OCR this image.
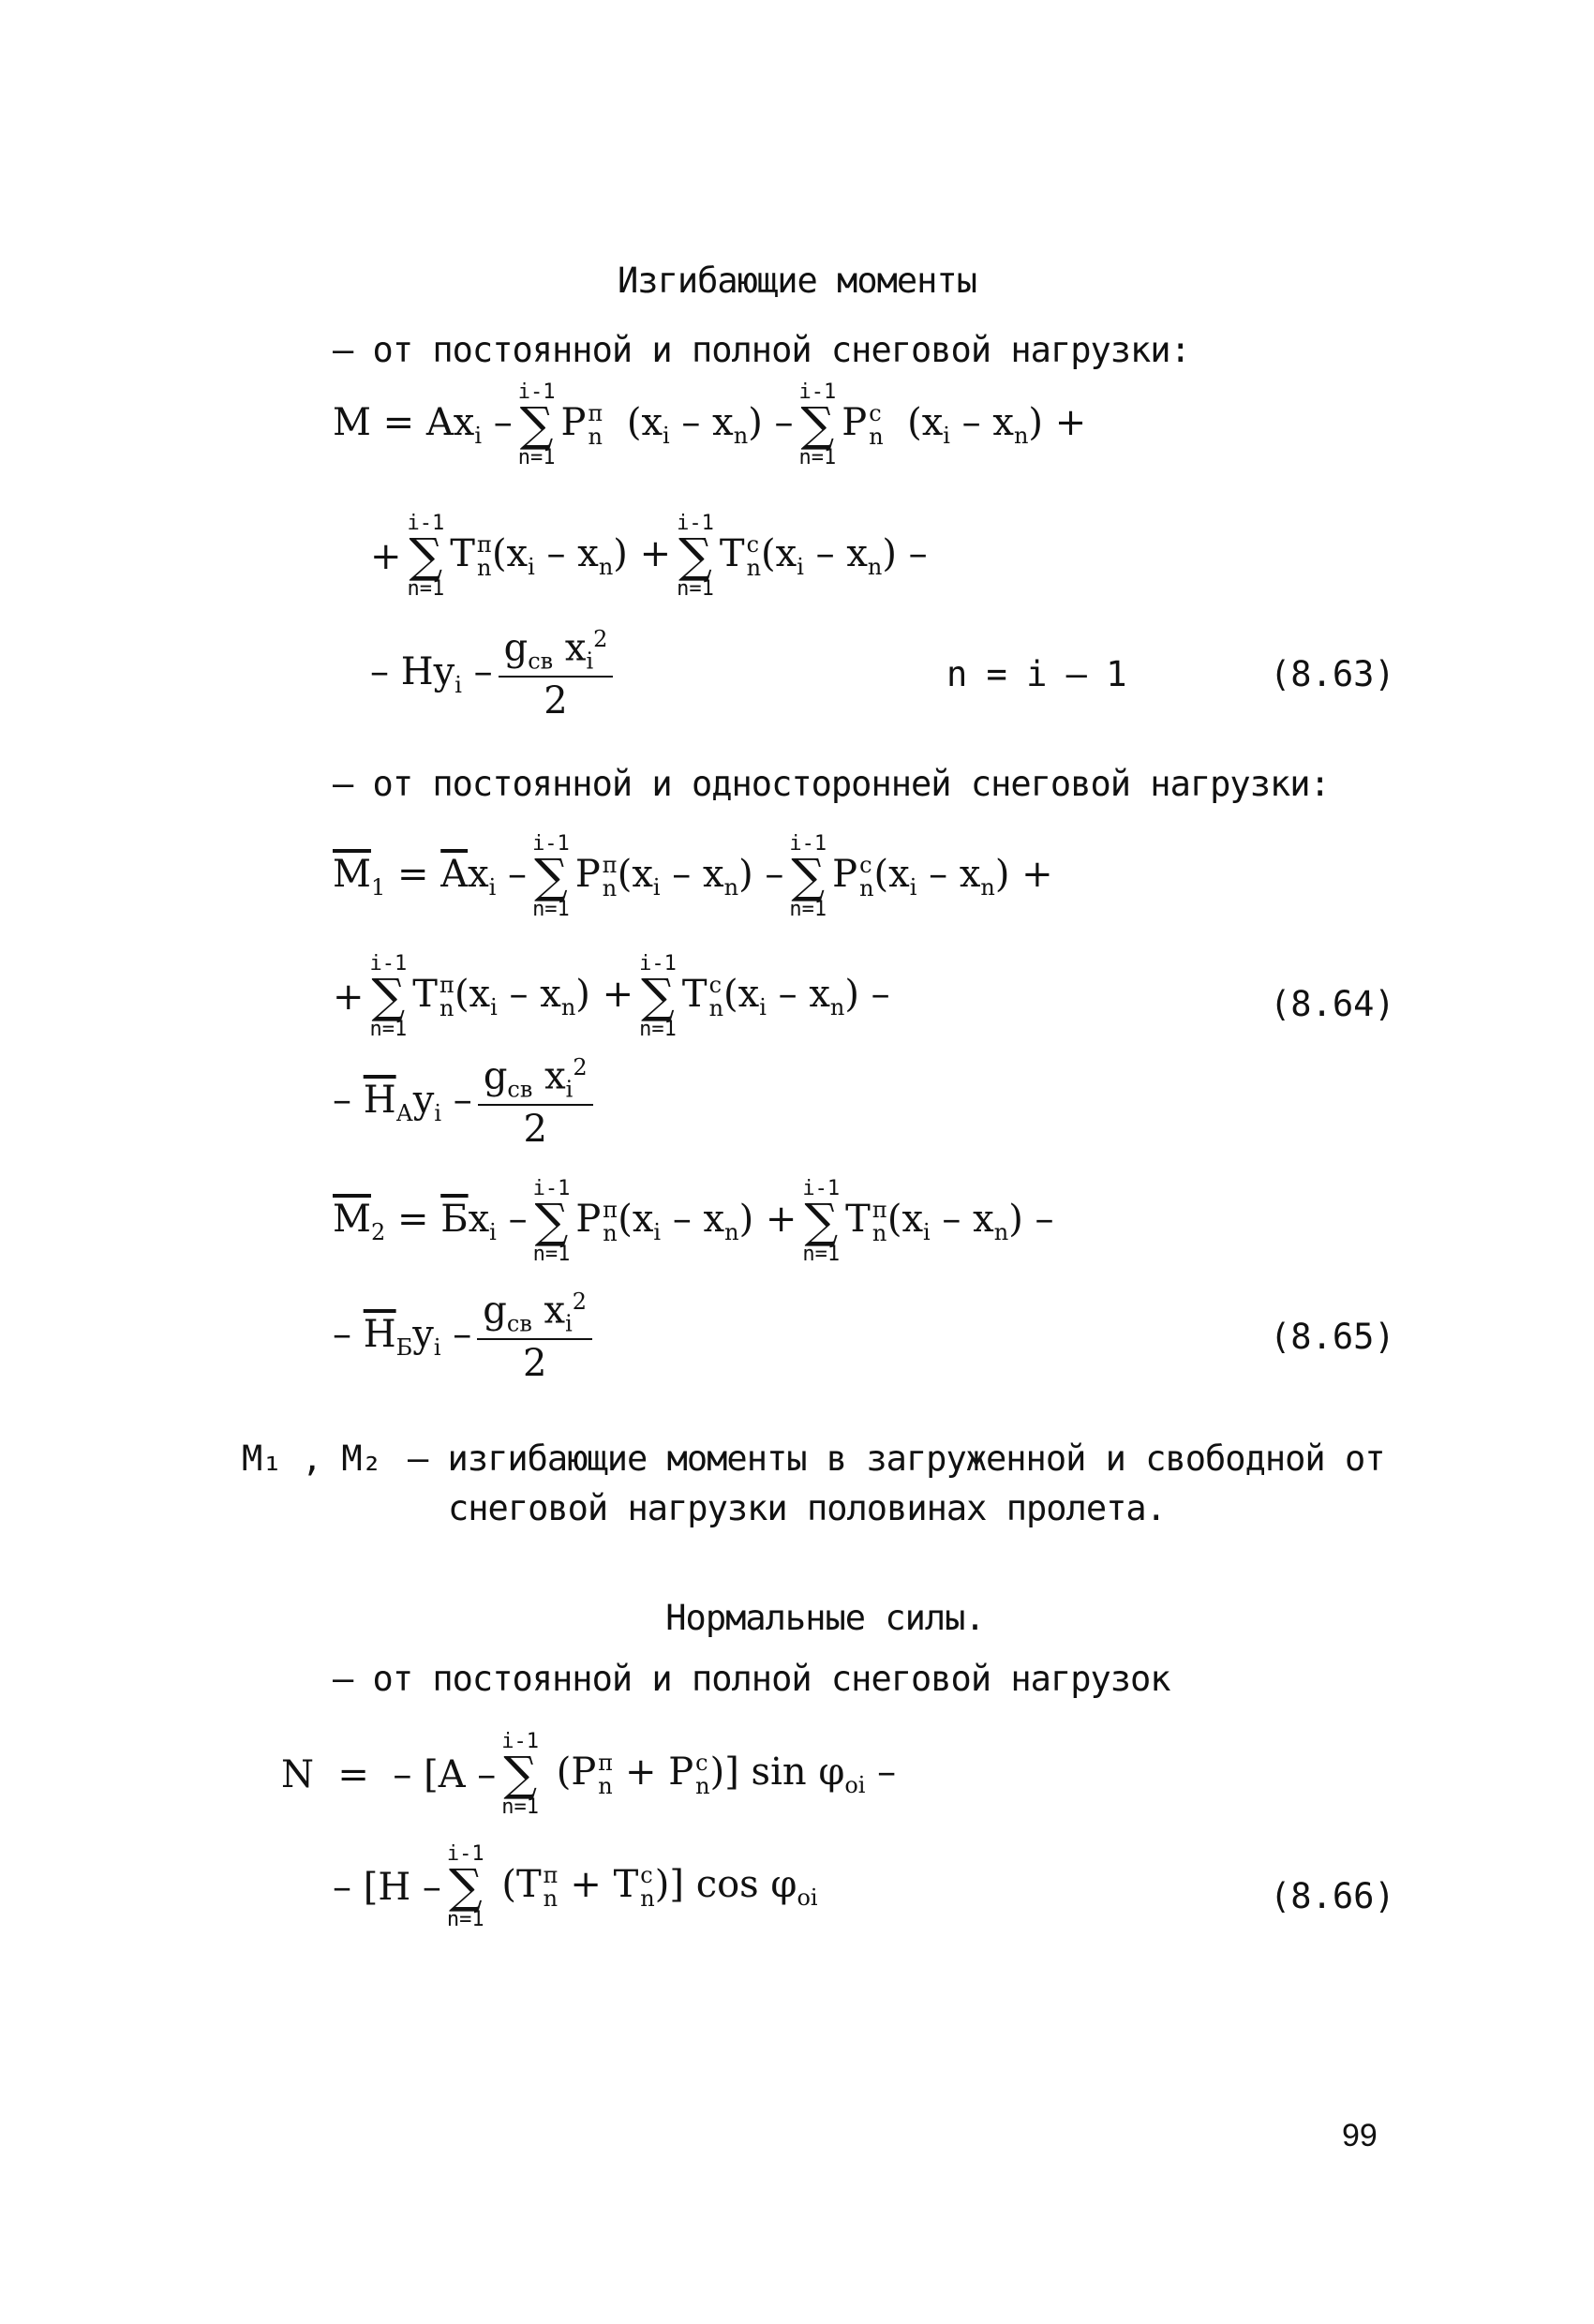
Изгибающие моменты
– от постоянной и полной снеговой нагрузки:
$M = Ax_i$ –
i-1
∑
n=1
P п
n $(x_i - x_n)$ –
i-1
∑
n=1
P с
n $(x_i - x_n)$ +
+
i-1
∑
n=1
T п
n $(x_i - x_n)$ +
i-1
∑
n=1
T с
n $(x_i - x_n)$ –
– $Hy_i - \frac{g_{св} x_i^2}{2}$	n = i – 1	(8.63)
– от постоянной и односторонней снеговой нагрузки:
$\overline{M}_1 = \overline{A}x_i$ –
i-1
∑
n=1
P п
n $(x_i - x_n)$ –
i-1
∑
n=1
P с
n $(x_i - x_n)$ +
+
i-1
∑
n=1
T п
n $(x_i - x_n)$ +
i-1
∑
n=1
T с
n $(x_i - x_n)$ –	(8.64)
– $\overline{H}_Аy_i - \frac{g_{св} x_i^2}{2}$
$\overline{M}_2 = Бx_i$ –
i-1
∑
n=1
P п
n $(x_i - x_n)$ +
i-1
∑
n=1
T п
n $(x_i - x_n)$ –
– $\overline{H}_Бy_i - \frac{g_{св} x_i^2}{2}$	(8.65)
M₁ , M₂ – изгибающие моменты в загруженной и свободной от
снеговой нагрузки половинах пролета.
Нормальные силы.
– от постоянной и полной снеговой нагрузок
N  =  – [A –
i-1
∑
n=1
(P п
n + P с
n )] $\sin \varphi_{oi}$ –
– [H –
i-1
∑
n=1
(T п
n + T с
n )] $\cos \varphi_{oi}$	(8.66)
99
